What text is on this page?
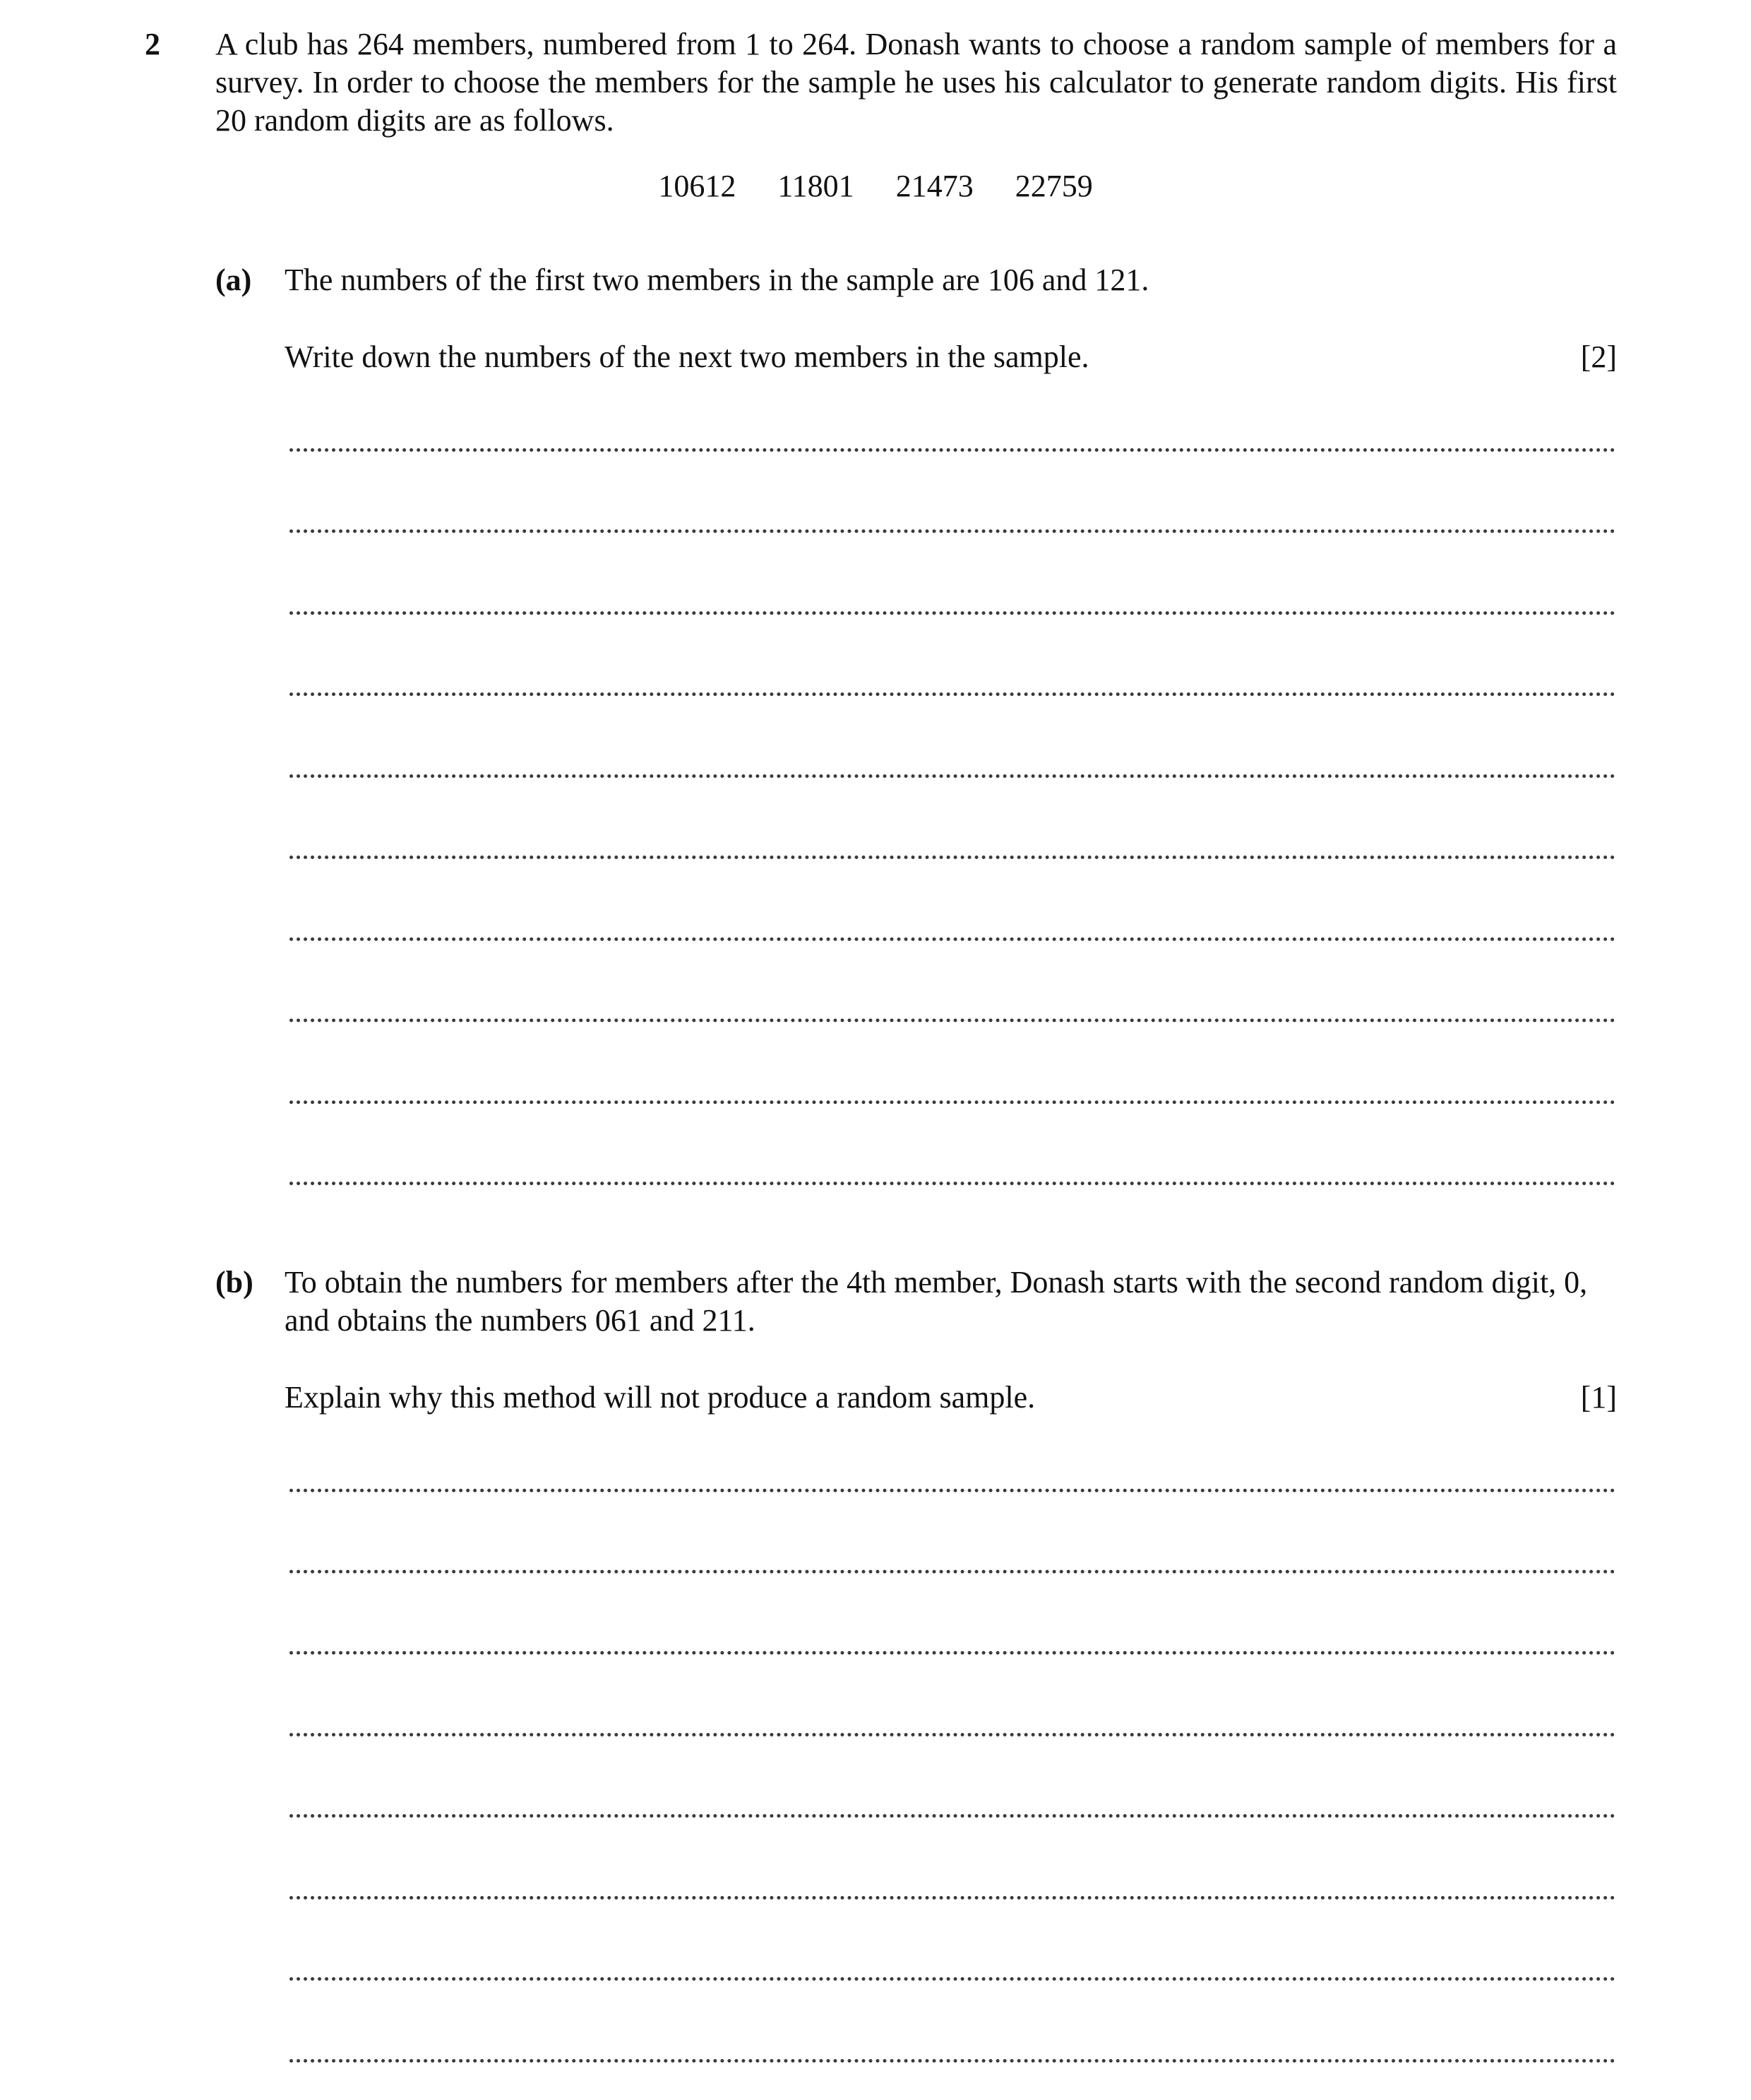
2 A club has 264 members, numbered from 1 to 264. Donash wants to choose a random sample of members for a survey. In order to choose the members for the sample he uses his calculator to generate random digits. His first 20 random digits are as follows.
10612 11801 21473 22759
(a) The numbers of the first two members in the sample are 106 and 121.
Write down the numbers of the next two members in the sample.	[2]
(b) To obtain the numbers for members after the 4th member, Donash starts with the second random digit, 0, and obtains the numbers 061 and 211.
Explain why this method will not produce a random sample.	[1]
